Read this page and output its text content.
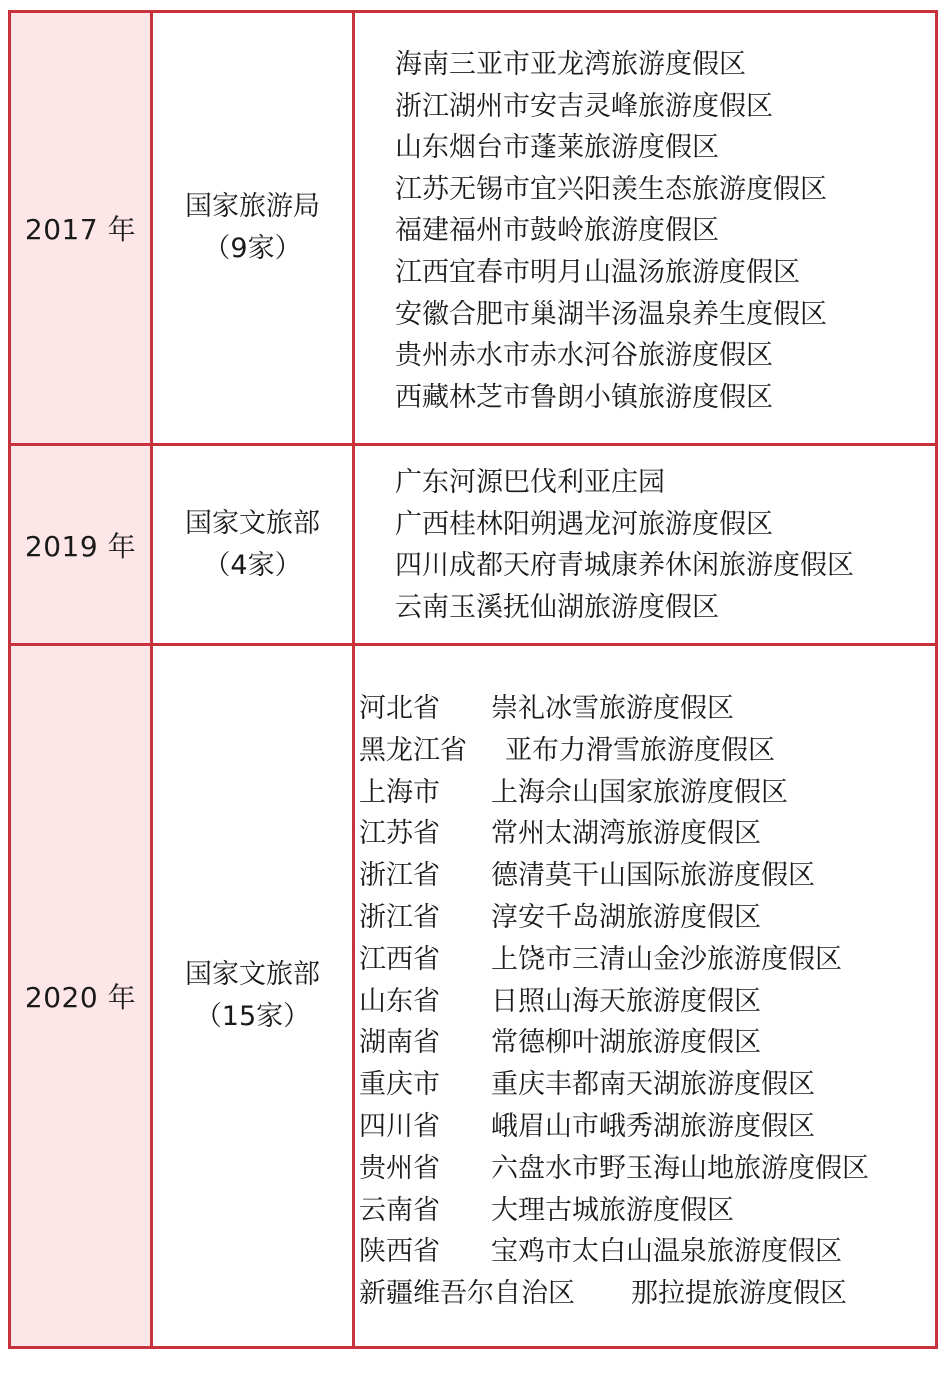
2017 年
国家旅游局
（9家）
海南三亚市亚龙湾旅游度假区
浙江湖州市安吉灵峰旅游度假区
山东烟台市蓬莱旅游度假区
江苏无锡市宜兴阳羡生态旅游度假区
福建福州市鼓岭旅游度假区
江西宜春市明月山温汤旅游度假区
安徽合肥市巢湖半汤温泉养生度假区
贵州赤水市赤水河谷旅游度假区
西藏林芝市鲁朗小镇旅游度假区
2019 年
国家文旅部
（4家）
广东河源巴伐利亚庄园
广西桂林阳朔遇龙河旅游度假区
四川成都天府青城康养休闲旅游度假区
云南玉溪抚仙湖旅游度假区
2020 年
国家文旅部
（15家）
河北省 崇礼冰雪旅游度假区
黑龙江省 亚布力滑雪旅游度假区
上海市 上海佘山国家旅游度假区
江苏省 常州太湖湾旅游度假区
浙江省 德清莫干山国际旅游度假区
浙江省 淳安千岛湖旅游度假区
江西省 上饶市三清山金沙旅游度假区
山东省 日照山海天旅游度假区
湖南省 常德柳叶湖旅游度假区
重庆市 重庆丰都南天湖旅游度假区
四川省 峨眉山市峨秀湖旅游度假区
贵州省 六盘水市野玉海山地旅游度假区
云南省 大理古城旅游度假区
陕西省 宝鸡市太白山温泉旅游度假区
新疆维吾尔自治区 那拉提旅游度假区
